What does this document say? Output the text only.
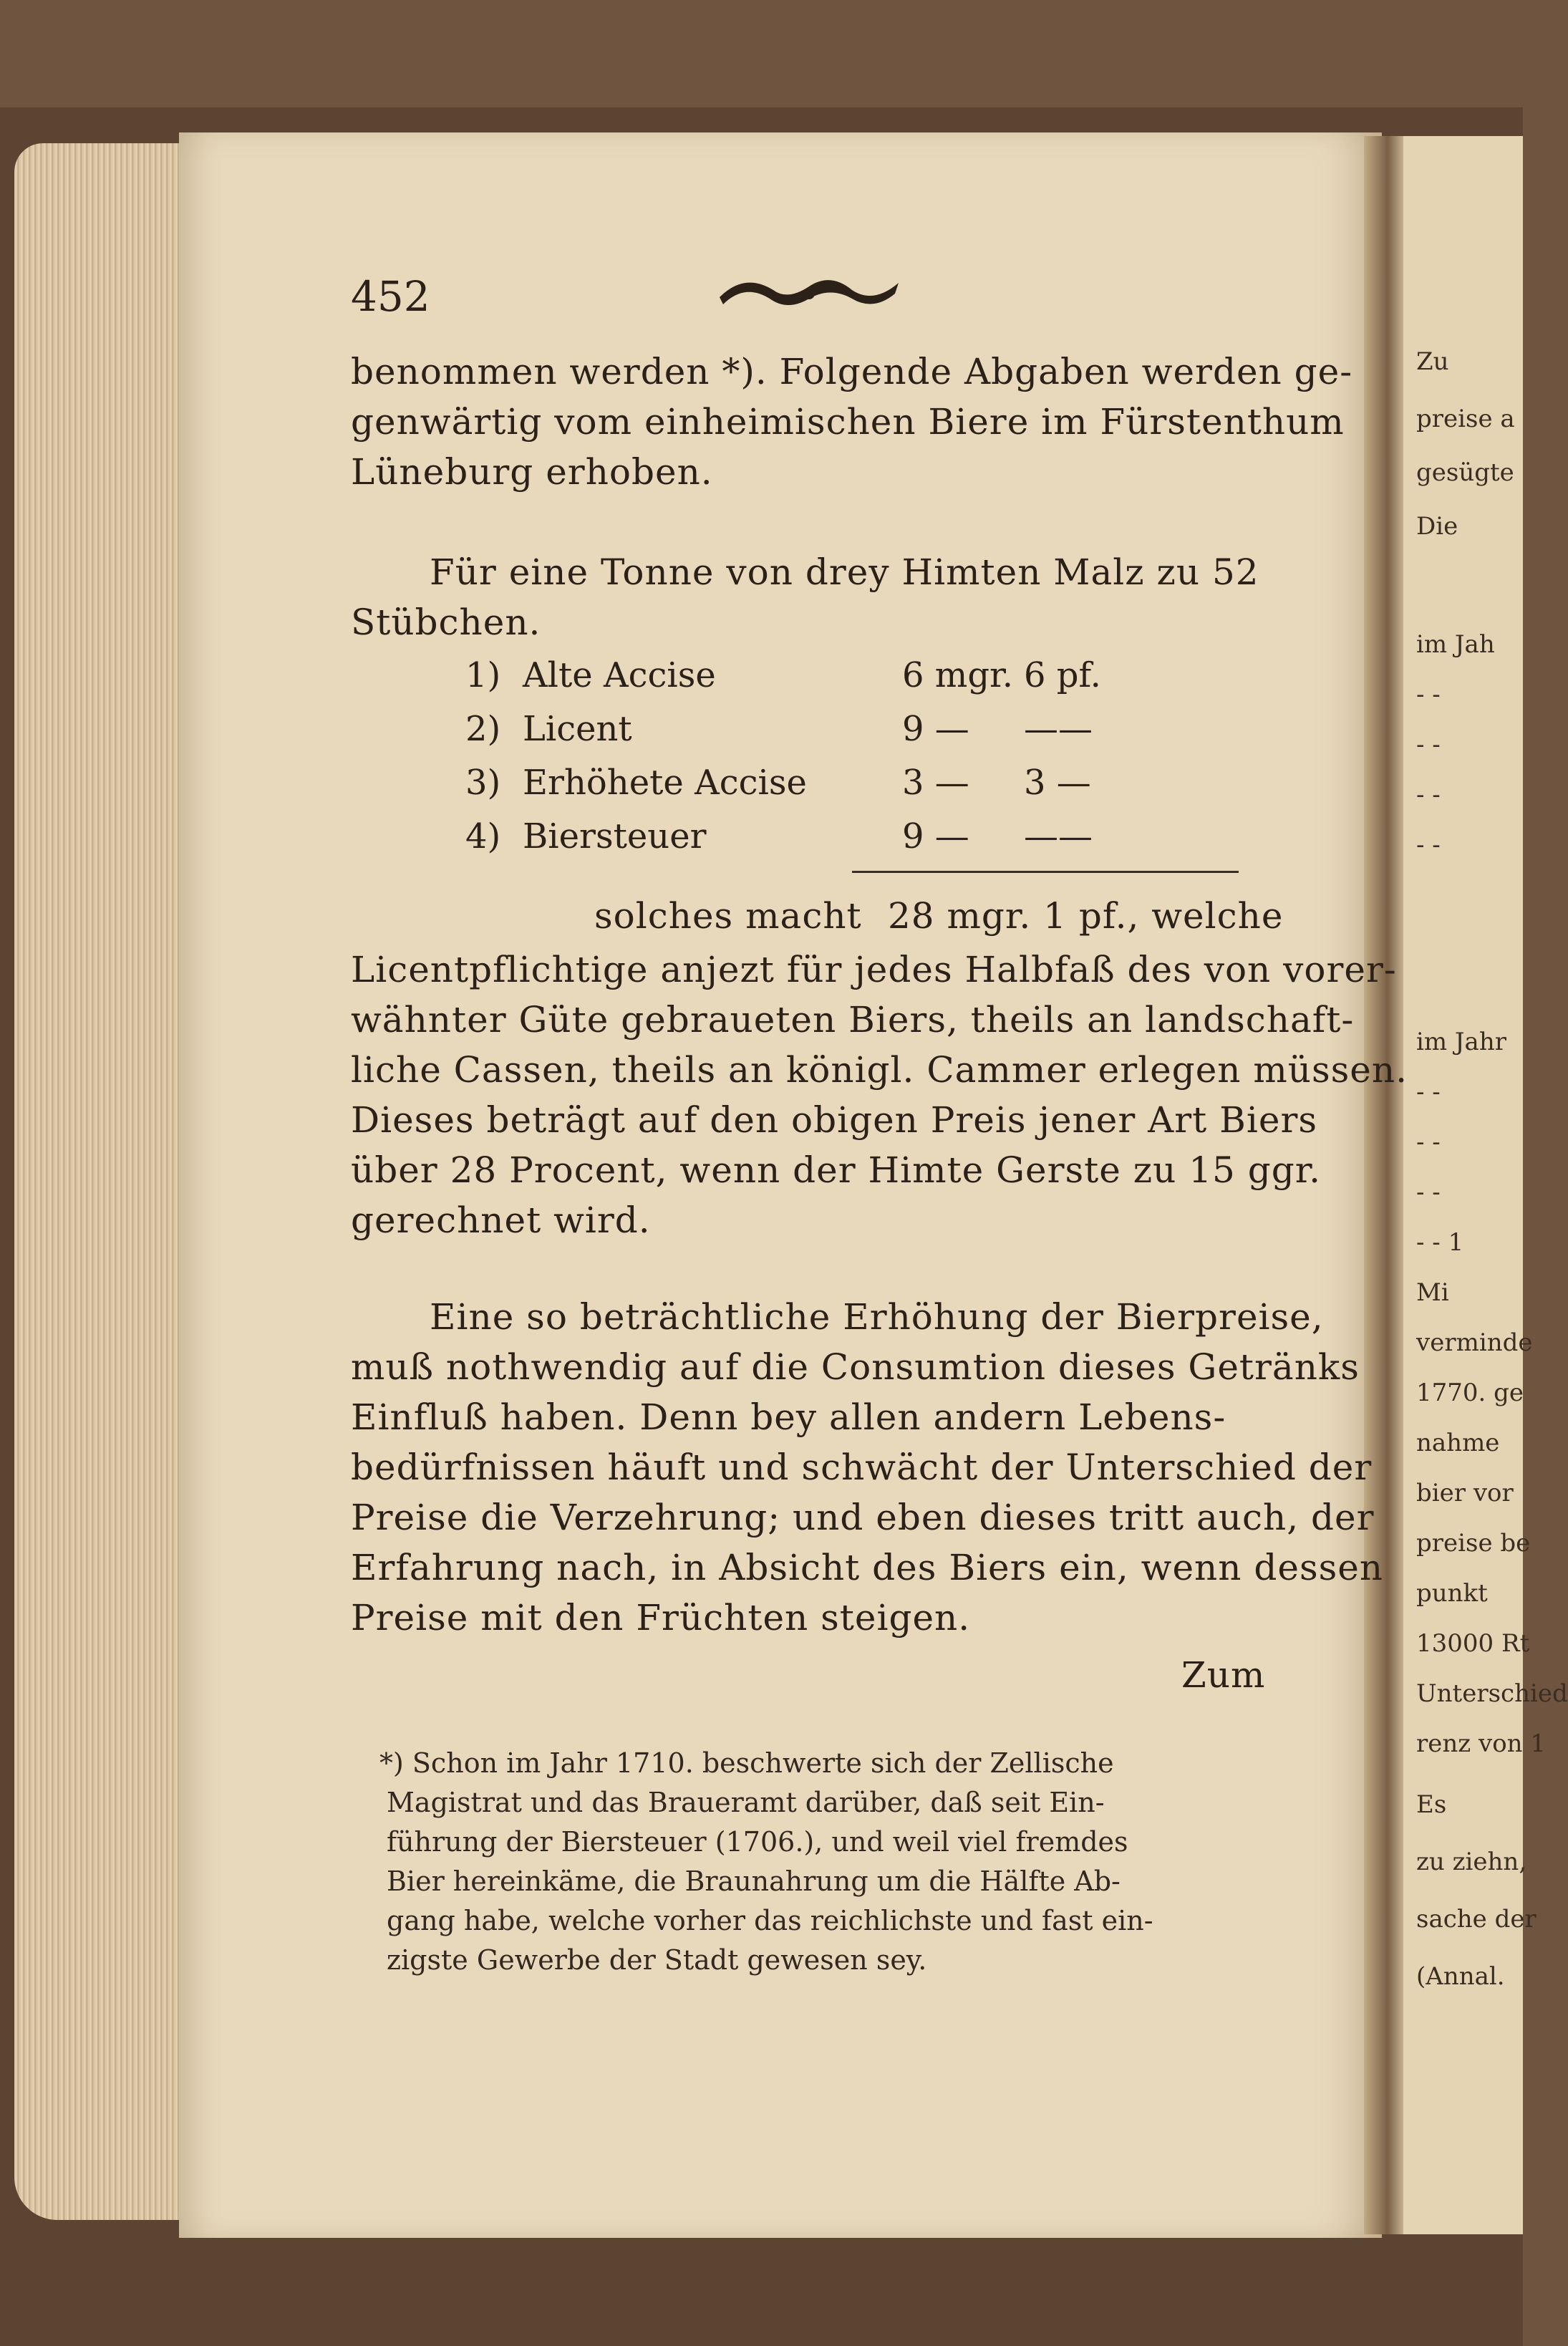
Zu
preise a
gesügte
Die
im Jah
- -
- -
- -
- -
im Jahr
- -
- -
- -
- - 1
Mi
verminde
1770. ge
nahme
bier vor
preise be
punkt
13000 Rt
Unterschied
renz von 1
Es
zu ziehn,
sache der
(Annal.
452
benommen werden *). Folgende Abgaben werden ge-
genwärtig vom einheimischen Biere im Fürstenthum
Lüneburg erhoben.
Für eine Tonne von drey Himten Malz zu 52
Stübchen.
1) Alte Accise	6 mgr. 6 pf.
2) Licent	9 — ——
3) Erhöhete Accise	3 — 3 —
4) Biersteuer	9 — ——
solches macht 28 mgr. 1 pf., welche
Licentpflichtige anjezt für jedes Halbfaß des von vorer-
wähnter Güte gebraueten Biers, theils an landschaft-
liche Cassen, theils an königl. Cammer erlegen müssen.
Dieses beträgt auf den obigen Preis jener Art Biers
über 28 Procent, wenn der Himte Gerste zu 15 ggr.
gerechnet wird.
Eine so beträchtliche Erhöhung der Bierpreise,
muß nothwendig auf die Consumtion dieses Getränks
Einfluß haben. Denn bey allen andern Lebens-
bedürfnissen häuft und schwächt der Unterschied der
Preise die Verzehrung; und eben dieses tritt auch, der
Erfahrung nach, in Absicht des Biers ein, wenn dessen
Preise mit den Früchten steigen.
Zum
*) Schon im Jahr 1710. beschwerte sich der Zellische
Magistrat und das Braueramt darüber, daß seit Ein-
führung der Biersteuer (1706.), und weil viel fremdes
Bier hereinkäme, die Braunahrung um die Hälfte Ab-
gang habe, welche vorher das reichlichste und fast ein-
zigste Gewerbe der Stadt gewesen sey.
